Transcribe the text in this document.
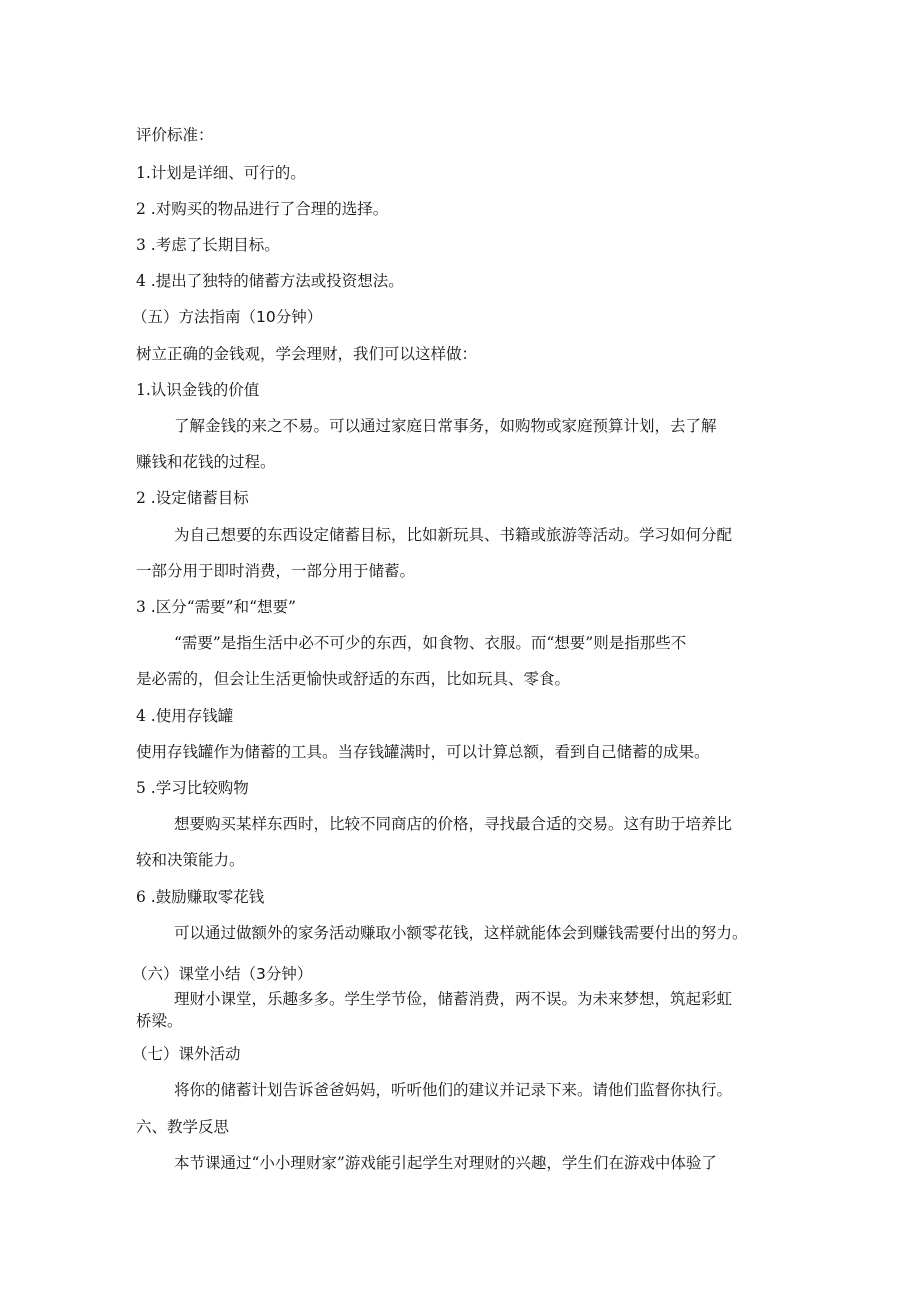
评价标准：

1.计划是详细、可行的。

2 .对购买的物品进行了合理的选择。

3 .考虑了长期目标。

4 .提出了独特的储蓄方法或投资想法。

（五）方法指南（10分钟）

树立正确的金钱观，学会理财，我们可以这样做：

1.认识金钱的价值

了解金钱的来之不易。可以通过家庭日常事务，如购物或家庭预算计划，去了解

赚钱和花钱的过程。

2 .设定储蓄目标

为自己想要的东西设定储蓄目标，比如新玩具、书籍或旅游等活动。学习如何分配

一部分用于即时消费，一部分用于储蓄。

3 .区分“需要”和“想要”

“需要”是指生活中必不可少的东西，如食物、衣服。而“想要”则是指那些不

是必需的，但会让生活更愉快或舒适的东西，比如玩具、零食。

4 .使用存钱罐

使用存钱罐作为储蓄的工具。当存钱罐满时，可以计算总额，看到自己储蓄的成果。

5 .学习比较购物

想要购买某样东西时，比较不同商店的价格，寻找最合适的交易。这有助于培养比

较和决策能力。

6 .鼓励赚取零花钱

可以通过做额外的家务活动赚取小额零花钱，这样就能体会到赚钱需要付出的努力。

（六）课堂小结（3分钟）

理财小课堂，乐趣多多。学生学节俭，储蓄消费，两不误。为未来梦想，筑起彩虹

桥梁。

（七）课外活动

将你的储蓄计划告诉爸爸妈妈，听听他们的建议并记录下来。请他们监督你执行。

六、教学反思

本节课通过“小小理财家”游戏能引起学生对理财的兴趣，学生们在游戏中体验了
